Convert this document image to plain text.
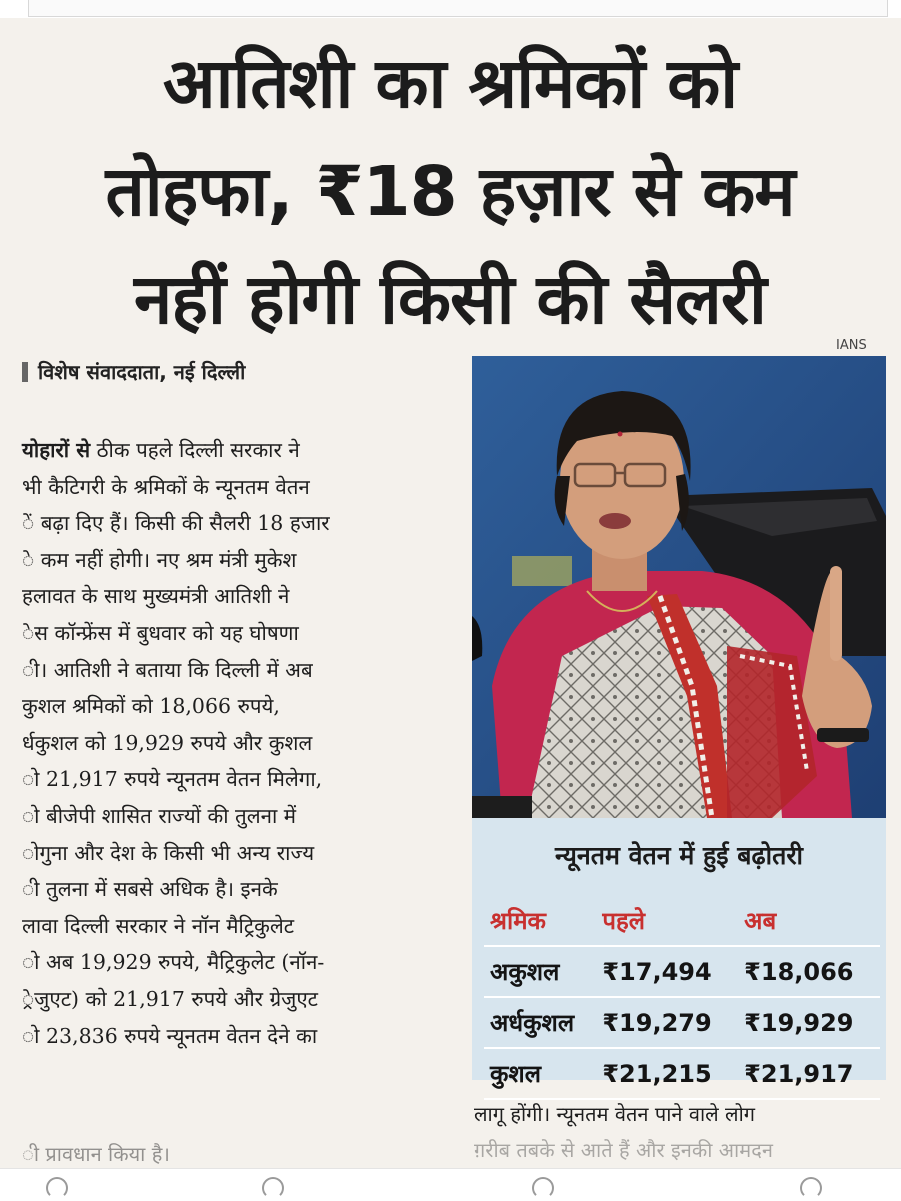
आतिशी का श्रमिकों को
तोहफा, ₹18 हज़ार से कम
नहीं होगी किसी की सैलरी
IANS
विशेष संवाददाता, नई दिल्ली
योहारों से ठीक पहले दिल्ली सरकार ने
भी कैटिगरी के श्रमिकों के न्यूनतम वेतन
ें बढ़ा दिए हैं। किसी की सैलरी 18 हजार
े कम नहीं होगी। नए श्रम मंत्री मुकेश
हलावत के साथ मुख्यमंत्री आतिशी ने
ेस कॉन्फ्रेंस में बुधवार को यह घोषणा
ी। आतिशी ने बताया कि दिल्ली में अब
कुशल श्रमिकों को 18,066 रुपये,
र्धकुशल को 19,929 रुपये और कुशल
ो 21,917 रुपये न्यूनतम वेतन मिलेगा,
ो बीजेपी शासित राज्यों की तुलना में
ोगुना और देश के किसी भी अन्य राज्य
ी तुलना में सबसे अधिक है। इनके
लावा दिल्ली सरकार ने नॉन मैट्रिकुलेट
ो अब 19,929 रुपये, मैट्रिकुलेट (नॉन-
्रेजुएट) को 21,917 रुपये और ग्रेजुएट
ो 23,836 रुपये न्यूनतम वेतन देने का
ी प्रावधान किया है।
न्यूनतम वेतन में हुई बढ़ोतरी
श्रमिक	पहले	अब
अकुशल	₹17,494	₹18,066
अर्धकुशल	₹19,279	₹19,929
कुशल	₹21,215	₹21,917
लागू होंगी। न्यूनतम वेतन पाने वाले लोग
ग़रीब तबके से आते हैं और इनकी आमदन
